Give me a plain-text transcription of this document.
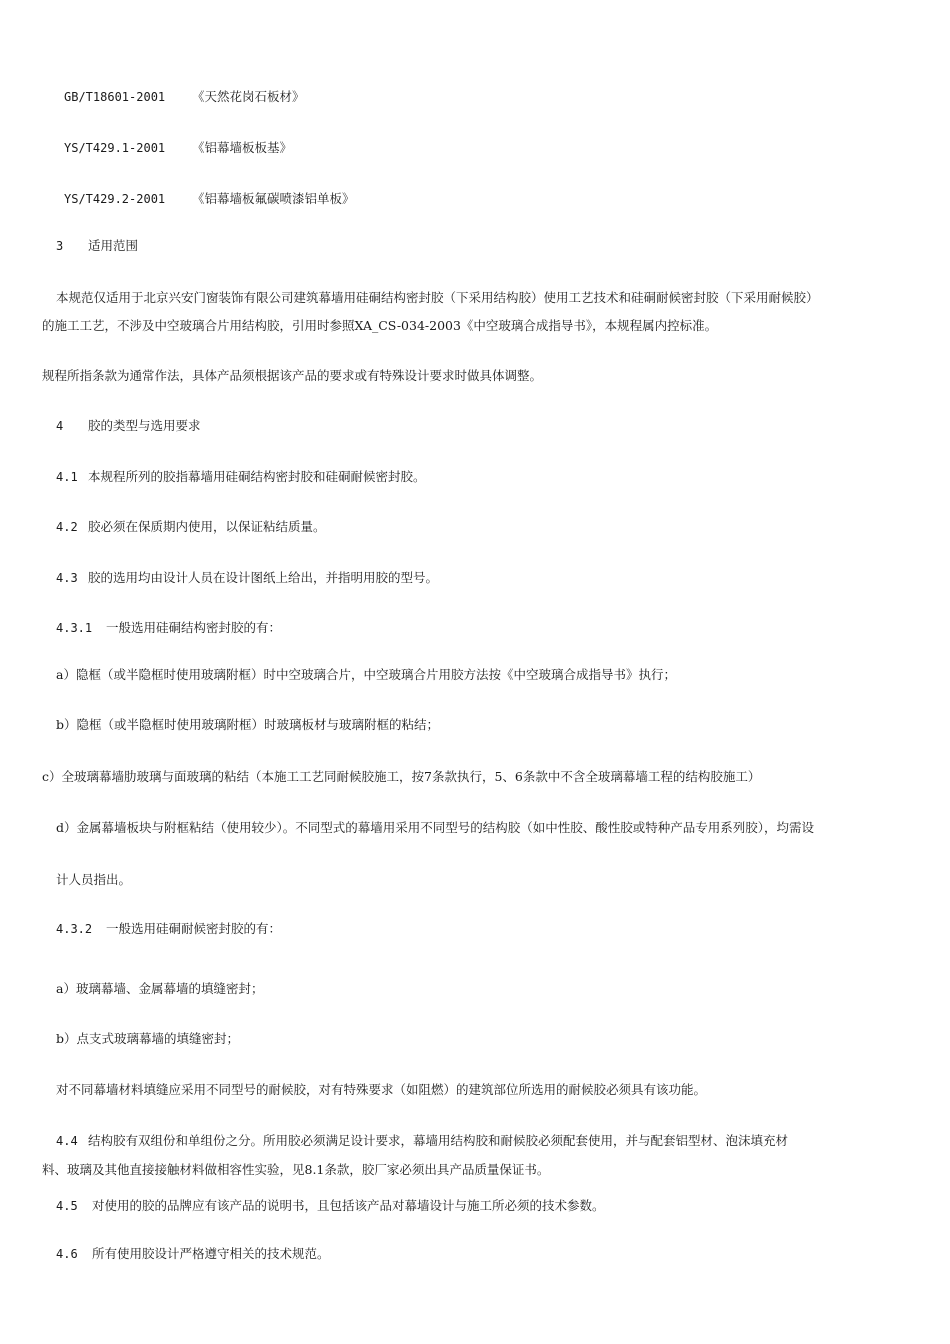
GB/T18601-2001 《天然花岗石板材》
YS/T429.1-2001 《铝幕墙板板基》
YS/T429.2-2001 《铝幕墙板氟碳喷漆铝单板》
3 适用范围
本规范仅适用于北京兴安门窗装饰有限公司建筑幕墙用硅硐结构密封胶（下采用结构胶）使用工艺技术和硅硐耐候密封胶（下采用耐候胶）
的施工工艺，不涉及中空玻璃合片用结构胶，引用时参照XA_CS-034-2003《中空玻璃合成指导书》，本规程属内控标准。
规程所指条款为通常作法，具体产品须根据该产品的要求或有特殊设计要求时做具体调整。
4 胶的类型与选用要求
4.1 本规程所列的胶指幕墙用硅硐结构密封胶和硅硐耐候密封胶。
4.2 胶必须在保质期内使用，以保证粘结质量。
4.3 胶的选用均由设计人员在设计图纸上给出，并指明用胶的型号。
4.3.1 一般选用硅硐结构密封胶的有：
a）隐框（或半隐框时使用玻璃附框）时中空玻璃合片，中空玻璃合片用胶方法按《中空玻璃合成指导书》执行；
b）隐框（或半隐框时使用玻璃附框）时玻璃板材与玻璃附框的粘结；
c）全玻璃幕墙肋玻璃与面玻璃的粘结（本施工工艺同耐候胶施工，按7条款执行，5、6条款中不含全玻璃幕墙工程的结构胶施工）
d）金属幕墙板块与附框粘结（使用较少）。不同型式的幕墙用采用不同型号的结构胶（如中性胶、酸性胶或特种产品专用系列胶），均需设
计人员指出。
4.3.2 一般选用硅硐耐候密封胶的有：
a）玻璃幕墙、金属幕墙的填缝密封；
b）点支式玻璃幕墙的填缝密封；
对不同幕墙材料填缝应采用不同型号的耐候胶，对有特殊要求（如阻燃）的建筑部位所选用的耐候胶必须具有该功能。
4.4 结构胶有双组份和单组份之分。所用胶必须满足设计要求，幕墙用结构胶和耐候胶必须配套使用，并与配套铝型材、泡沫填充材
料、玻璃及其他直接接触材料做相容性实验，见8.1条款，胶厂家必须出具产品质量保证书。
4.5 对使用的胶的品牌应有该产品的说明书，且包括该产品对幕墙设计与施工所必须的技术参数。
4.6 所有使用胶设计严格遵守相关的技术规范。
